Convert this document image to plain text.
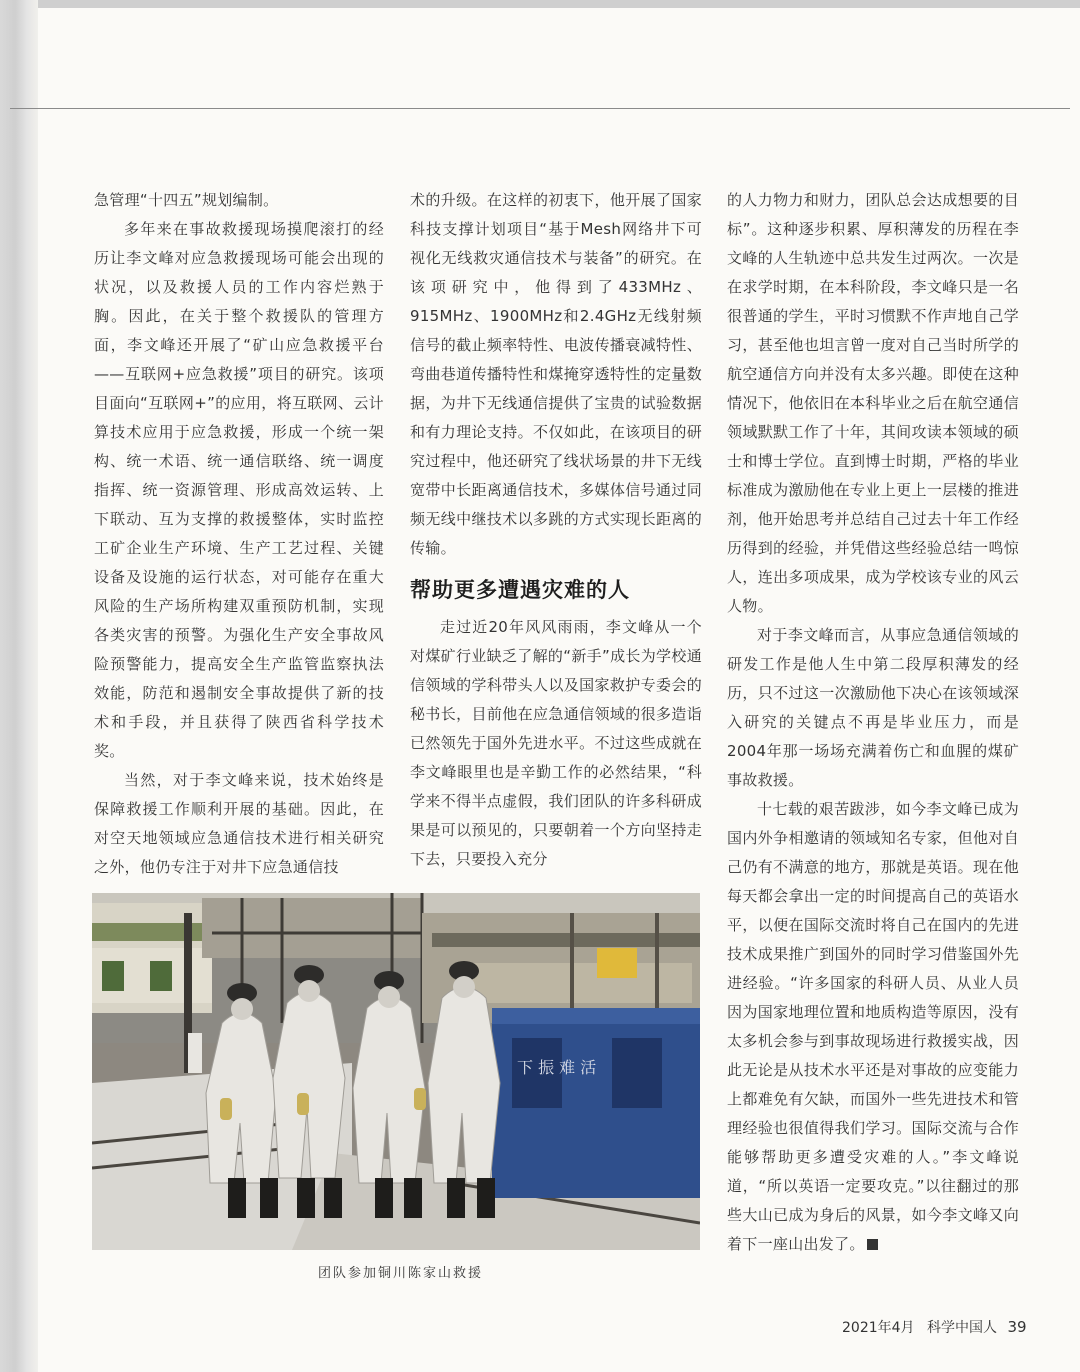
急管理“十四五”规划编制。

多年来在事故救援现场摸爬滚打的经历让李文峰对应急救援现场可能会出现的状况，以及救援人员的工作内容烂熟于胸。因此，在关于整个救援队的管理方面，李文峰还开展了“矿山应急救援平台——互联网+应急救援”项目的研究。该项目面向“互联网+”的应用，将互联网、云计算技术应用于应急救援，形成一个统一架构、统一术语、统一通信联络、统一调度指挥、统一资源管理、形成高效运转、上下联动、互为支撑的救援整体，实时监控工矿企业生产环境、生产工艺过程、关键设备及设施的运行状态，对可能存在重大风险的生产场所构建双重预防机制，实现各类灾害的预警。为强化生产安全事故风险预警能力，提高安全生产监管监察执法效能，防范和遏制安全事故提供了新的技术和手段，并且获得了陕西省科学技术奖。

当然，对于李文峰来说，技术始终是保障救援工作顺利开展的基础。因此，在对空天地领域应急通信技术进行相关研究之外，他仍专注于对井下应急通信技

术的升级。在这样的初衷下，他开展了国家科技支撑计划项目“基于Mesh网络井下可视化无线救灾通信技术与装备”的研究。在该项研究中，他得到了433MHz、915MHz、1900MHz和2.4GHz无线射频信号的截止频率特性、电波传播衰减特性、弯曲巷道传播特性和煤掩穿透特性的定量数据，为井下无线通信提供了宝贵的试验数据和有力理论支持。不仅如此，在该项目的研究过程中，他还研究了线状场景的井下无线宽带中长距离通信技术，多媒体信号通过同频无线中继技术以多跳的方式实现长距离的传输。

帮助更多遭遇灾难的人

走过近20年风风雨雨，李文峰从一个对煤矿行业缺乏了解的“新手”成长为学校通信领域的学科带头人以及国家救护专委会的秘书长，目前他在应急通信领域的很多造诣已然领先于国外先进水平。不过这些成就在李文峰眼里也是辛勤工作的必然结果，“科学来不得半点虚假，我们团队的许多科研成果是可以预见的，只要朝着一个方向坚持走下去，只要投入充分

的人力物力和财力，团队总会达成想要的目标”。这种逐步积累、厚积薄发的历程在李文峰的人生轨迹中总共发生过两次。一次是在求学时期，在本科阶段，李文峰只是一名很普通的学生，平时习惯默不作声地自己学习，甚至他也坦言曾一度对自己当时所学的航空通信方向并没有太多兴趣。即使在这种情况下，他依旧在本科毕业之后在航空通信领域默默工作了十年，其间攻读本领域的硕士和博士学位。直到博士时期，严格的毕业标准成为激励他在专业上更上一层楼的推进剂，他开始思考并总结自己过去十年工作经历得到的经验，并凭借这些经验总结一鸣惊人，连出多项成果，成为学校该专业的风云人物。

对于李文峰而言，从事应急通信领域的研发工作是他人生中第二段厚积薄发的经历，只不过这一次激励他下决心在该领域深入研究的关键点不再是毕业压力，而是2004年那一场场充满着伤亡和血腥的煤矿事故救援。

十七载的艰苦跋涉，如今李文峰已成为国内外争相邀请的领域知名专家，但他对自己仍有不满意的地方，那就是英语。现在他每天都会拿出一定的时间提高自己的英语水平，以便在国际交流时将自己在国内的先进技术成果推广到国外的同时学习借鉴国外先进经验。“许多国家的科研人员、从业人员因为国家地理位置和地质构造等原因，没有太多机会参与到事故现场进行救援实战，因此无论是从技术水平还是对事故的应变能力上都难免有欠缺，而国外一些先进技术和管理经验也很值得我们学习。国际交流与合作能够帮助更多遭受灾难的人。”李文峰说道，“所以英语一定要攻克。”以往翻过的那些大山已成为身后的风景，如今李文峰又向着下一座山出发了。

下 振 难 活
团队参加铜川陈家山救援
2021年4月 科学中国人 39
